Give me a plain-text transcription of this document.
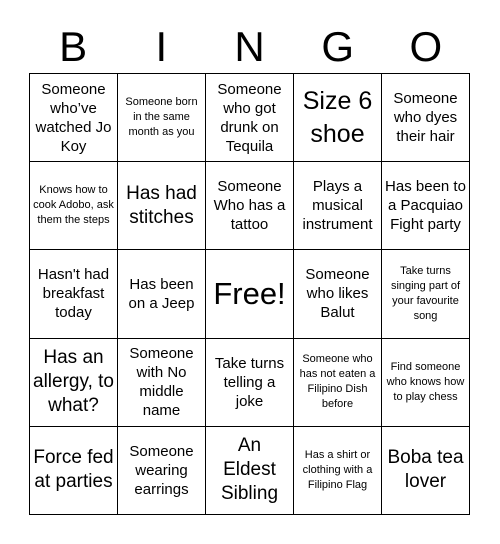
B	I	N	G	O
Someone who’ve watched Jo Koy
Someone born in the same month as you
Someone who got drunk on Tequila
Size 6 shoe
Someone who dyes their hair
Knows how to cook Adobo, ask them the steps
Has had stitches
Someone Who has a tattoo
Plays a musical instrument
Has been to a Pacquiao Fight party
Hasn't had breakfast today
Has been on a Jeep Free!
Someone who likes Balut
Take turns singing part of your favourite song
Has an allergy, to what?
Someone with No middle name
Take turns telling a joke
Someone who has not eaten a Filipino Dish before
Find someone who knows how to play chess
Force fed at parties
Someone wearing earrings
An Eldest Sibling
Has a shirt or clothing with a Filipino Flag
Boba tea lover
